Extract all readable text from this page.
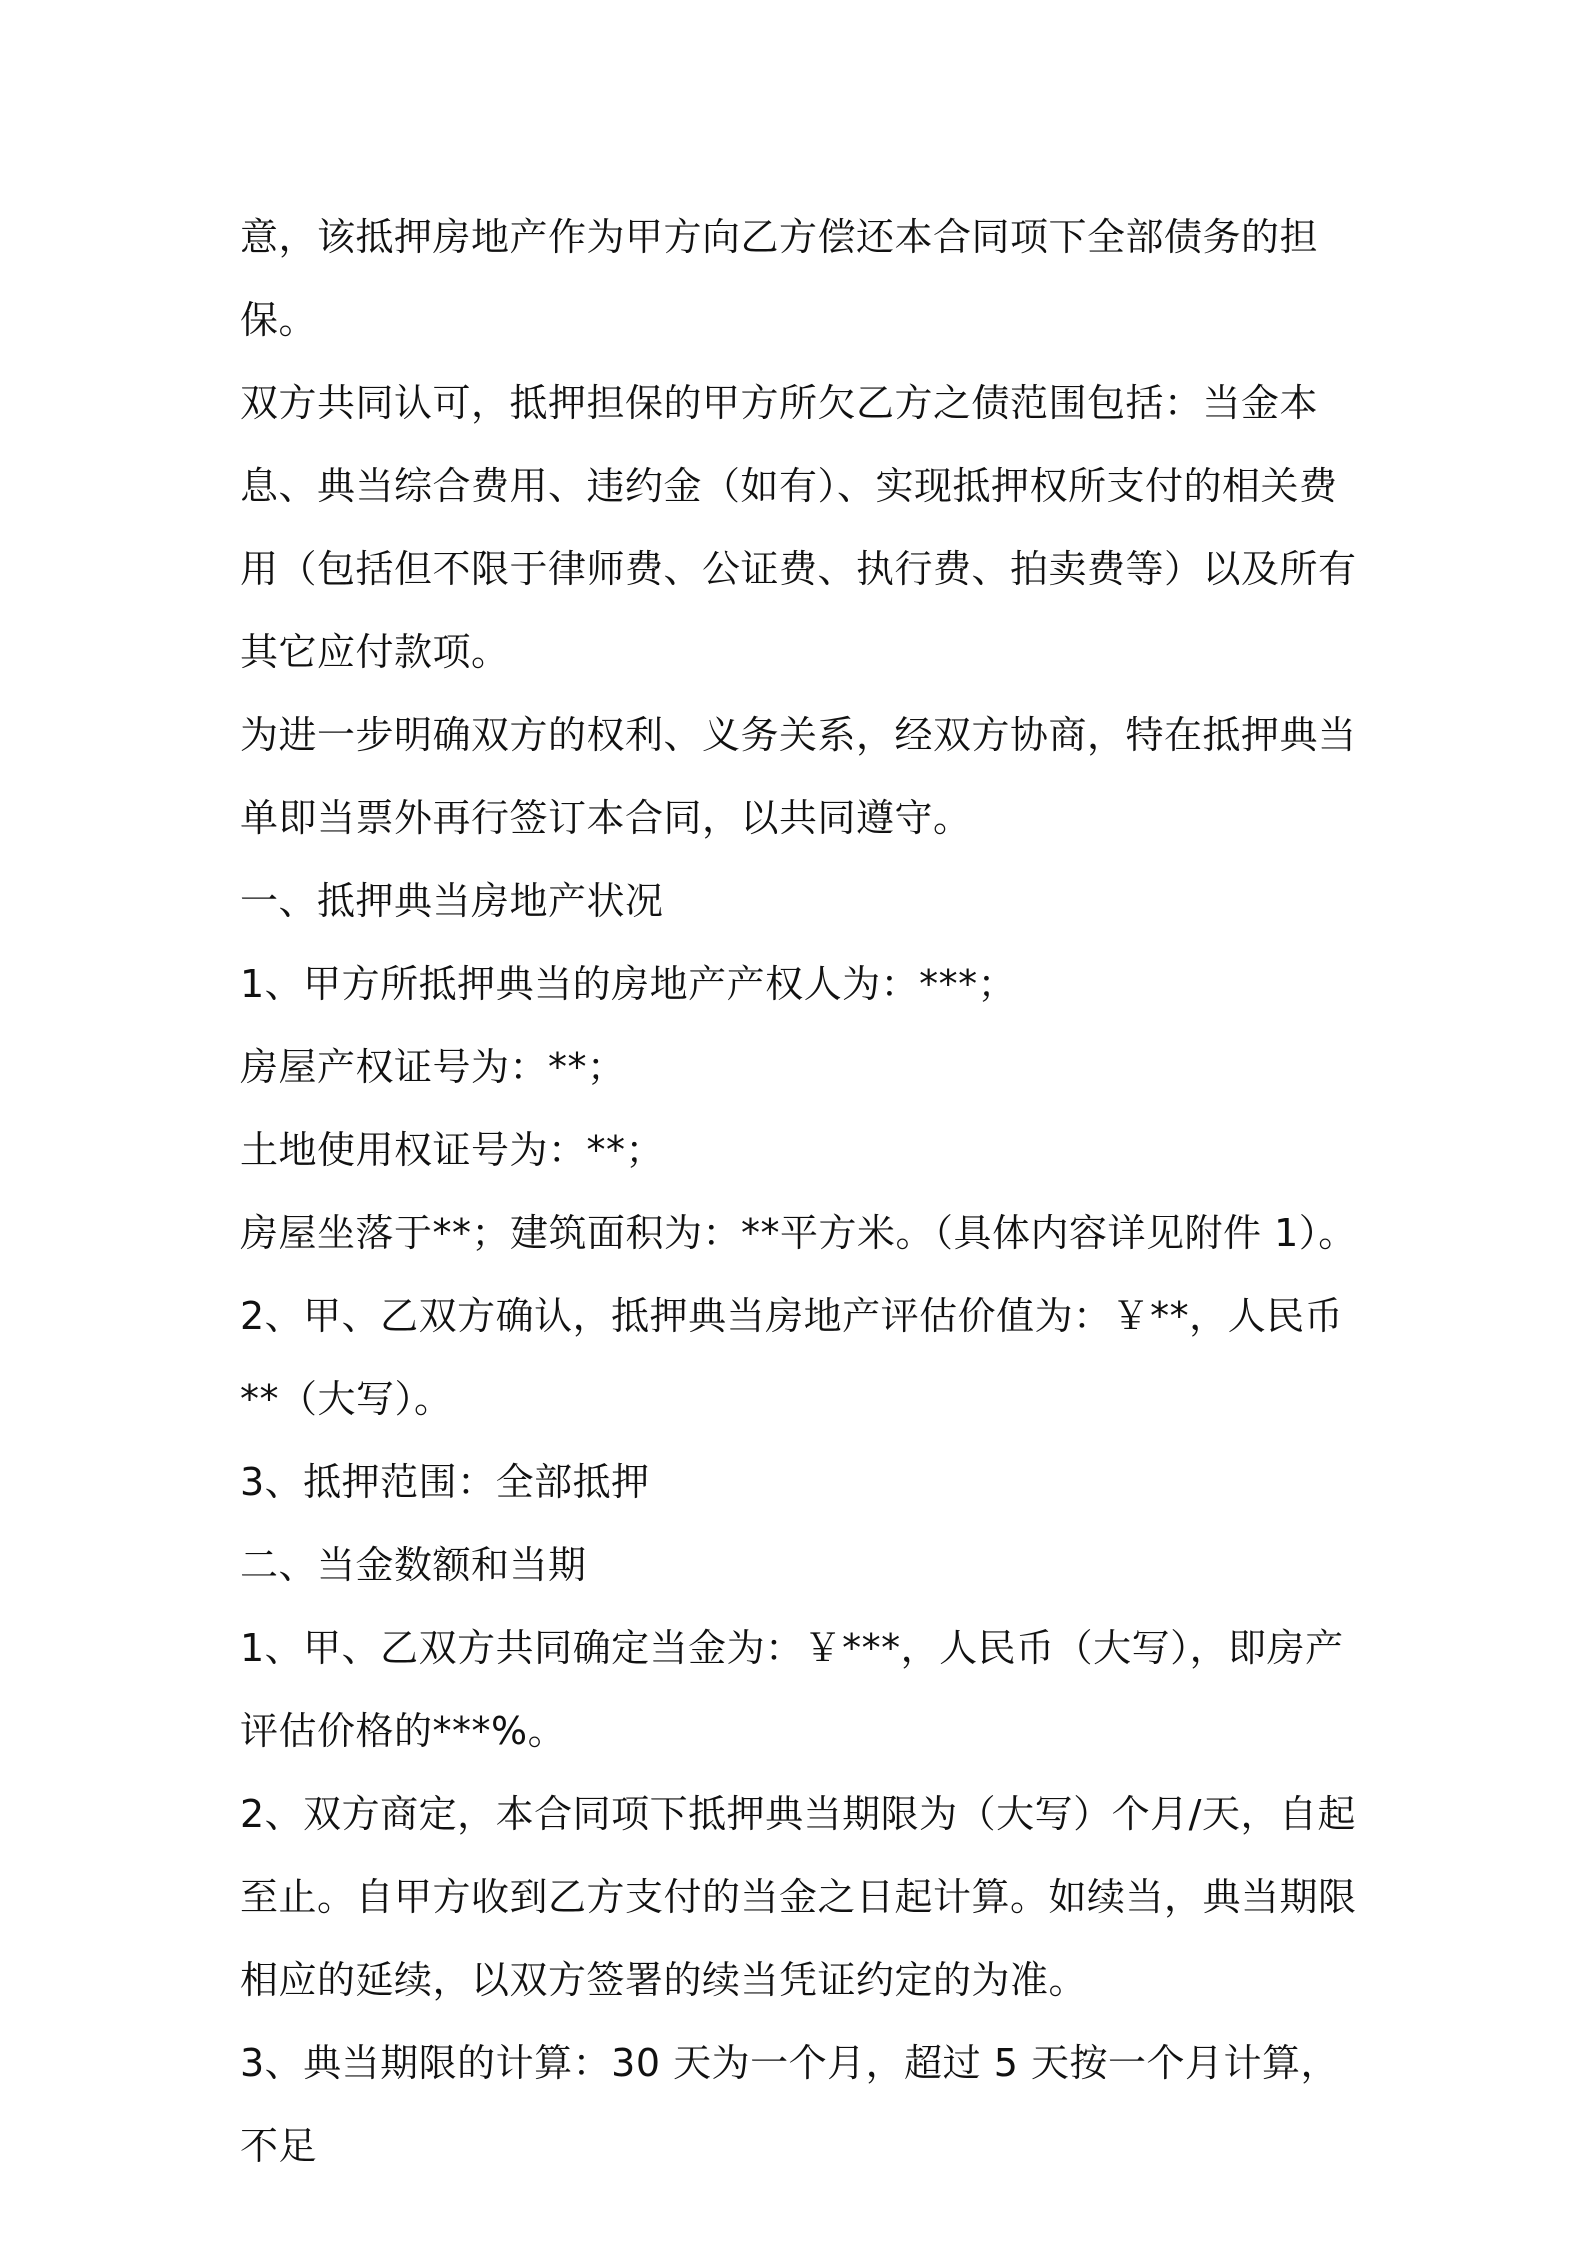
意，该抵押房地产作为甲方向乙方偿还本合同项下全部债务的担保。

双方共同认可，抵押担保的甲方所欠乙方之债范围包括：当金本息、典当综合费用、违约金（如有）、实现抵押权所支付的相关费用（包括但不限于律师费、公证费、执行费、拍卖费等）以及所有其它应付款项。

为进一步明确双方的权利、义务关系，经双方协商，特在抵押典当单即当票外再行签订本合同，以共同遵守。

一、抵押典当房地产状况

1、甲方所抵押典当的房地产产权人为：***；

房屋产权证号为：**；

土地使用权证号为：**；

房屋坐落于**；建筑面积为：**平方米。（具体内容详见附件 1）。

2、甲、乙双方确认，抵押典当房地产评估价值为：￥**，人民币**（大写）。

3、抵押范围：全部抵押

二、当金数额和当期

1、甲、乙双方共同确定当金为：￥***，人民币（大写），即房产评估价格的***%。

2、双方商定，本合同项下抵押典当期限为（大写）个月/天，自起至止。自甲方收到乙方支付的当金之日起计算。如续当，典当期限相应的延续，以双方签署的续当凭证约定的为准。

3、典当期限的计算：30 天为一个月，超过 5 天按一个月计算，不足
